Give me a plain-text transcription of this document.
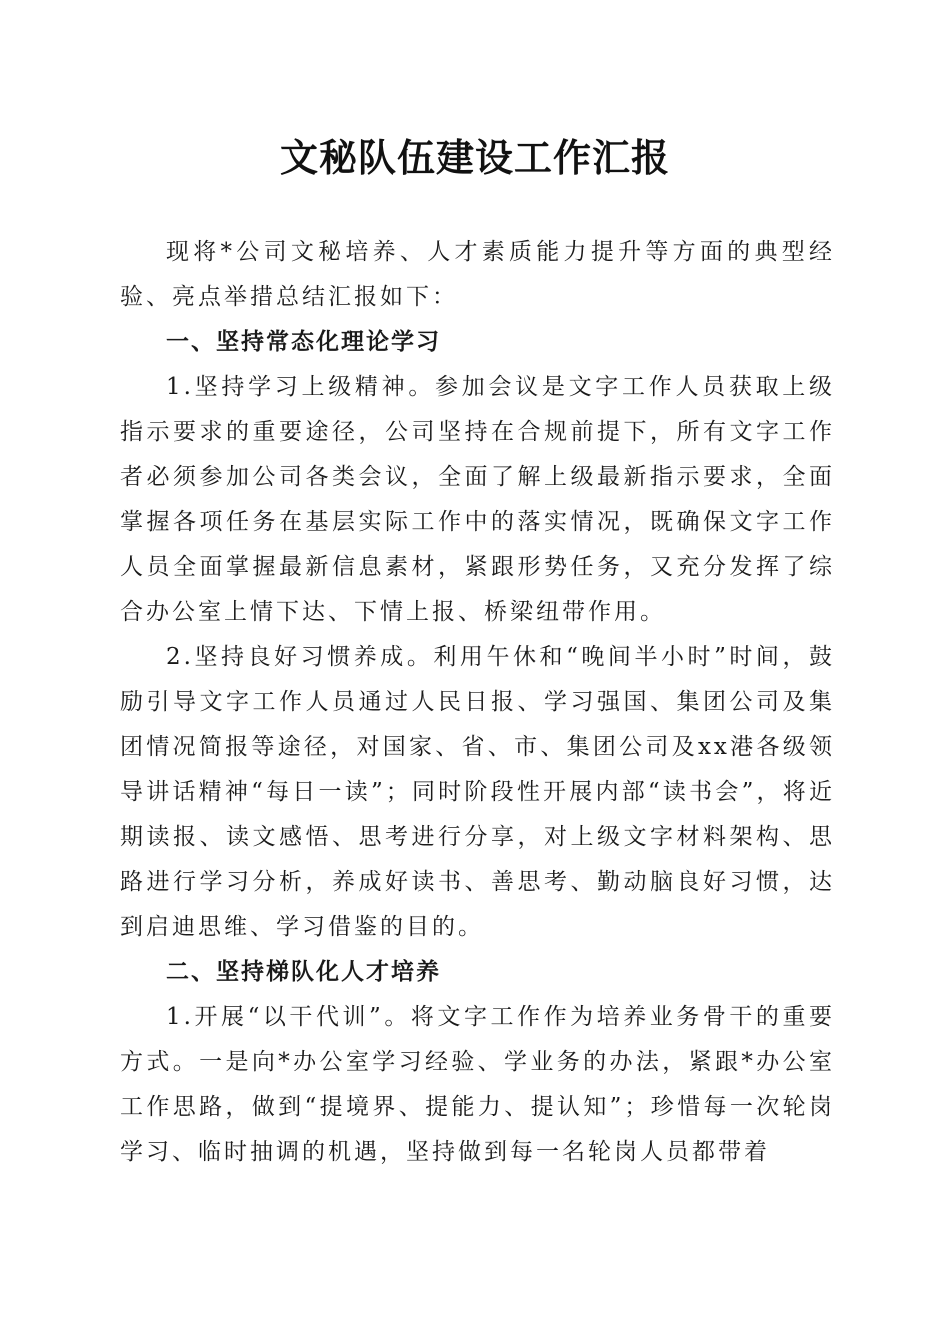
文秘队伍建设工作汇报

现将*公司文秘培养、人才素质能力提升等方面的典型经验、亮点举措总结汇报如下：

一、坚持常态化理论学习

1.坚持学习上级精神。参加会议是文字工作人员获取上级指示要求的重要途径，公司坚持在合规前提下，所有文字工作者必须参加公司各类会议，全面了解上级最新指示要求，全面掌握各项任务在基层实际工作中的落实情况，既确保文字工作人员全面掌握最新信息素材，紧跟形势任务，又充分发挥了综合办公室上情下达、下情上报、桥梁纽带作用。

2.坚持良好习惯养成。利用午休和“晚间半小时”时间，鼓励引导文字工作人员通过人民日报、学习强国、集团公司及集团情况简报等途径，对国家、省、市、集团公司及xx港各级领导讲话精神“每日一读”；同时阶段性开展内部“读书会”，将近期读报、读文感悟、思考进行分享，对上级文字材料架构、思路进行学习分析，养成好读书、善思考、勤动脑良好习惯，达到启迪思维、学习借鉴的目的。

二、坚持梯队化人才培养

1.开展“以干代训”。将文字工作作为培养业务骨干的重要方式。一是向*办公室学习经验、学业务的办法，紧跟*办公室工作思路，做到“提境界、提能力、提认知”；珍惜每一次轮岗学习、临时抽调的机遇，坚持做到每一名轮岗人员都带着
